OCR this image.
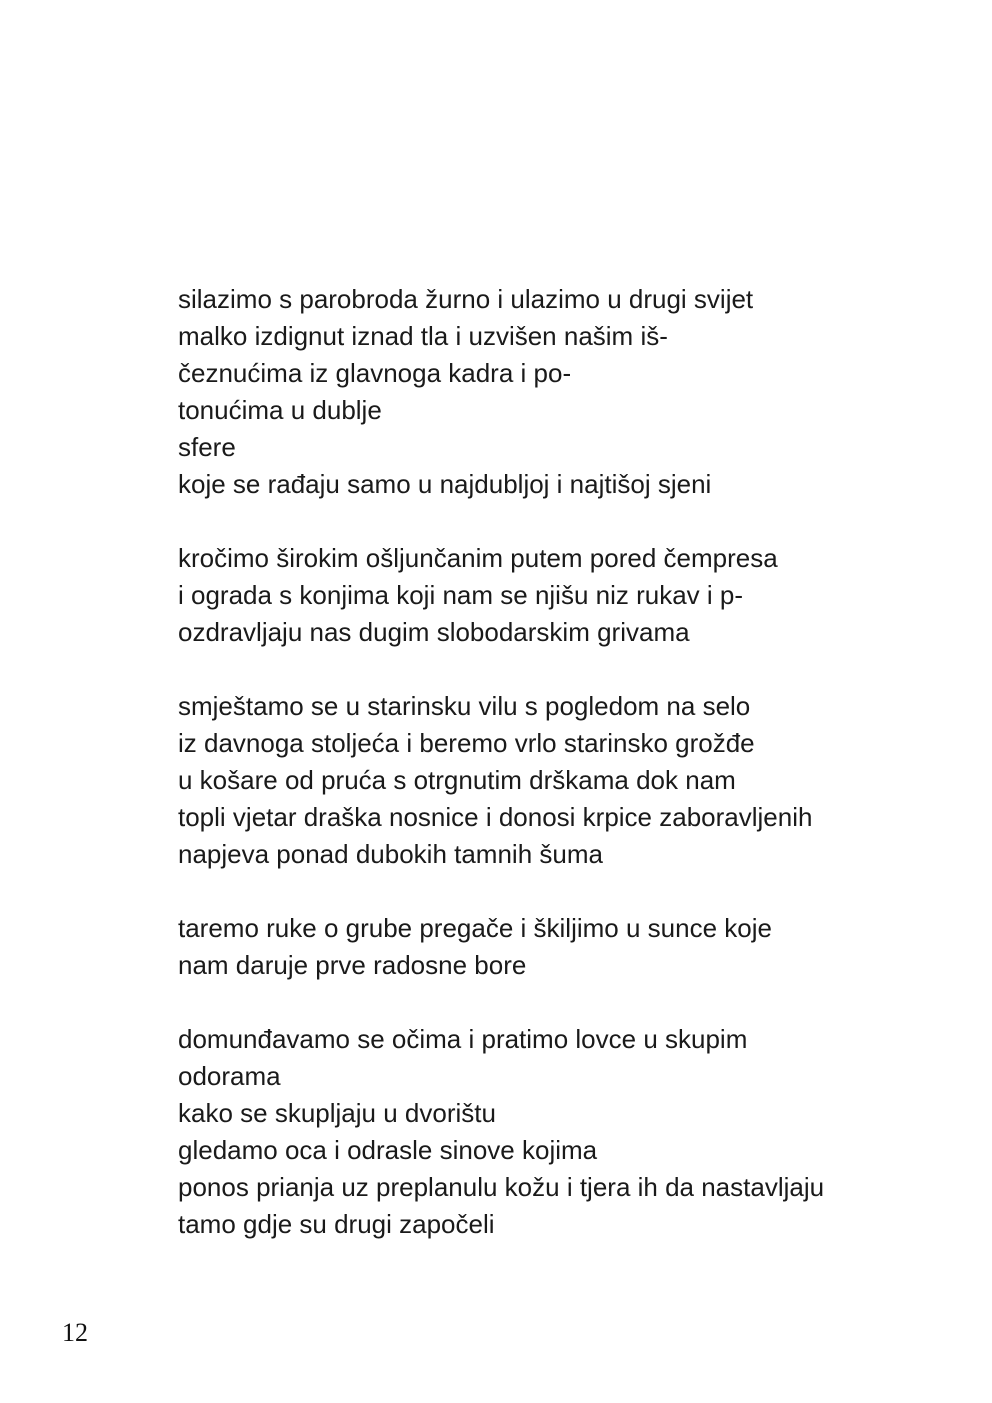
silazimo s parobroda žurno i ulazimo u drugi svijet
malko izdignut iznad tla i uzvišen našim iš-
čeznućima iz glavnoga kadra i po-
tonućima u dublje
sfere
koje se rađaju samo u najdubljoj i najtišoj sjeni
kročimo širokim ošljunčanim putem pored čempresa
i ograda s konjima koji nam se njišu niz rukav i p-
ozdravljaju nas dugim slobodarskim grivama
smještamo se u starinsku vilu s pogledom na selo
iz davnoga stoljeća i beremo vrlo starinsko grožđe
u košare od pruća s otrgnutim drškama dok nam
topli vjetar draška nosnice i donosi krpice zaboravljenih
napjeva ponad dubokih tamnih šuma
taremo ruke o grube pregače i škiljimo u sunce koje
nam daruje prve radosne bore
domunđavamo se očima i pratimo lovce u skupim
odorama
kako se skupljaju u dvorištu
gledamo oca i odrasle sinove kojima
ponos prianja uz preplanulu kožu i tjera ih da nastavljaju
tamo gdje su drugi započeli
12
